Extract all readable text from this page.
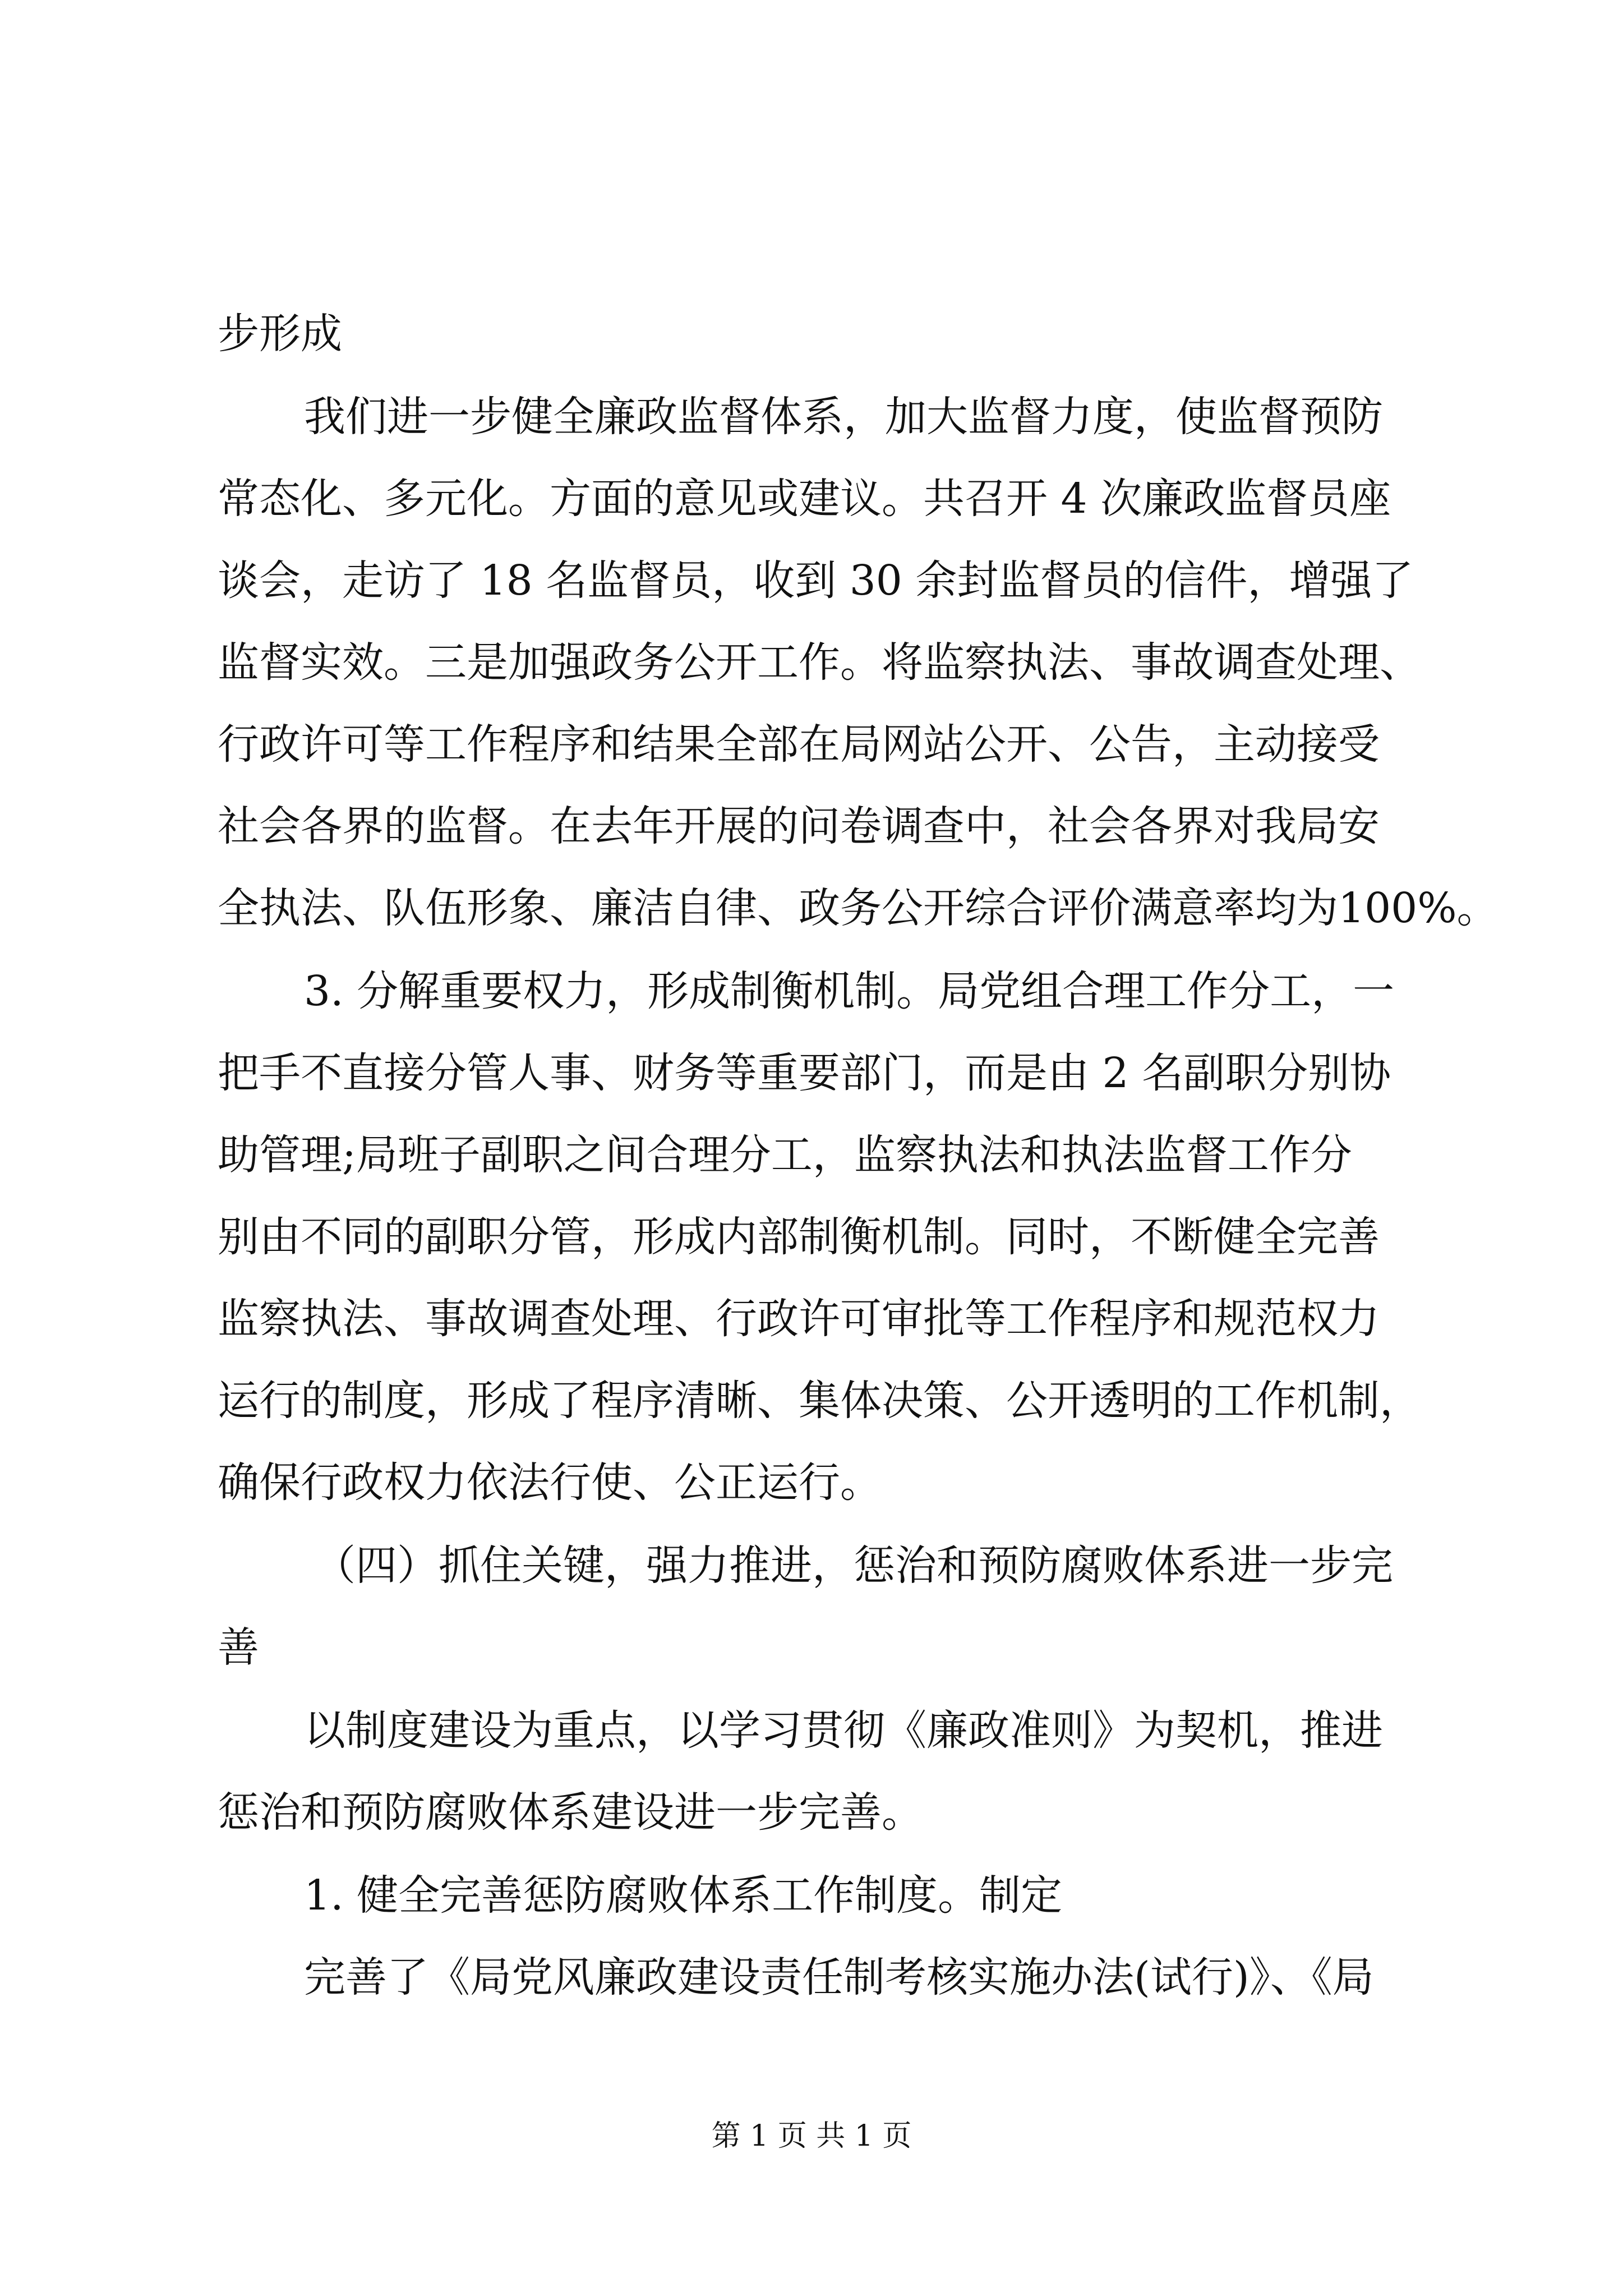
步形成
我们进一步健全廉政监督体系，加大监督力度，使监督预防
常态化、多元化。方面的意见或建议。共召开 4 次廉政监督员座
谈会，走访了 18 名监督员，收到 30 余封监督员的信件，增强了
监督实效。三是加强政务公开工作。将监察执法、事故调查处理、
行政许可等工作程序和结果全部在局网站公开、公告，主动接受
社会各界的监督。在去年开展的问卷调查中，社会各界对我局安
全执法、队伍形象、廉洁自律、政务公开综合评价满意率均为100%。
3. 分解重要权力，形成制衡机制。局党组合理工作分工，一
把手不直接分管人事、财务等重要部门，而是由 2 名副职分别协
助管理;局班子副职之间合理分工，监察执法和执法监督工作分
别由不同的副职分管，形成内部制衡机制。同时，不断健全完善
监察执法、事故调查处理、行政许可审批等工作程序和规范权力
运行的制度，形成了程序清晰、集体决策、公开透明的工作机制，
确保行政权力依法行使、公正运行。
（四）抓住关键，强力推进，惩治和预防腐败体系进一步完
善
以制度建设为重点，以学习贯彻《廉政准则》为契机，推进
惩治和预防腐败体系建设进一步完善。
1. 健全完善惩防腐败体系工作制度。制定
完善了《局党风廉政建设责任制考核实施办法(试行)》、《局
第 1 页 共 1 页
